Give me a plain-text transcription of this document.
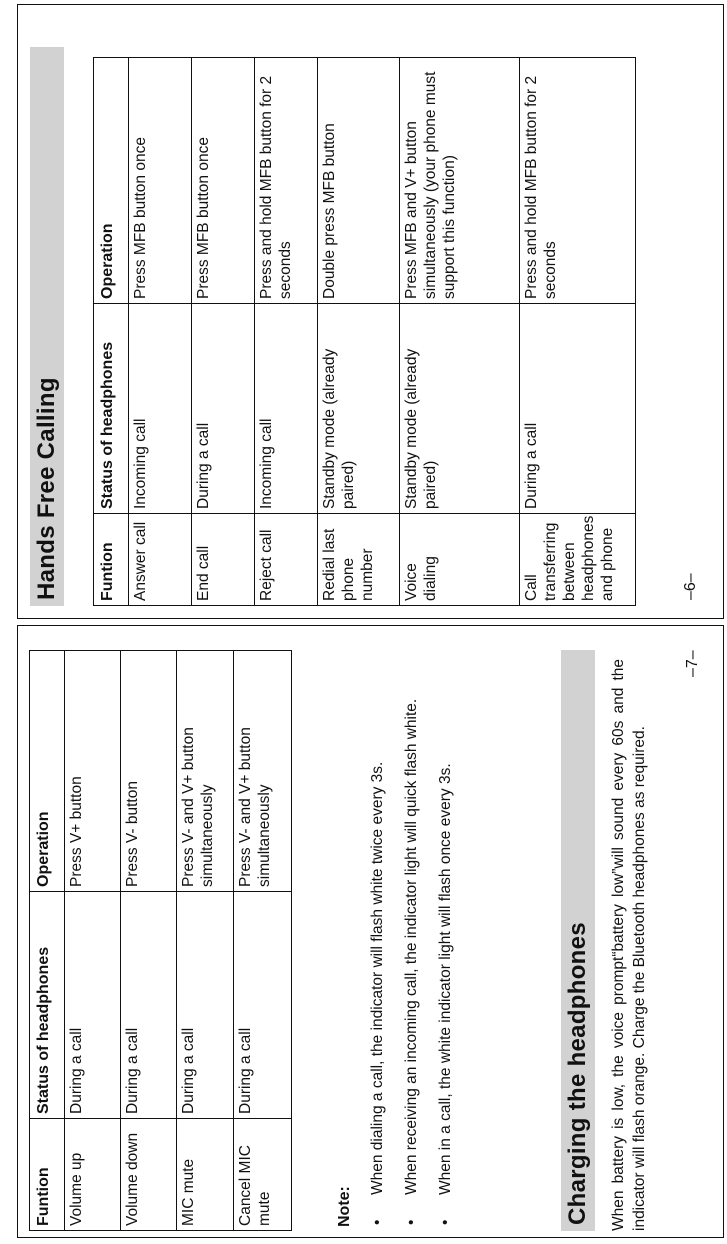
Hands Free Calling Funtion	Status of headphones	Operation
Answer call	Incoming call	Press MFB button once
End call	During a call	Press MFB button once
Reject call	Incoming call	Press and hold MFB button for 2 seconds
Redial last phone number	Standby mode (already paired)	Double press MFB button
Voice dialing	Standby mode (already paired)	Press MFB and V+ button simultaneously (your phone must support this function)
Call transferring between headphones and phone	During a call	Press and hold MFB button for 2 seconds
–6–
Funtion	Status of headphones	Operation
Volume up	During a call	Press V+ button
Volume down	During a call	Press V- button
MIC mute	During a call	Press V- and V+ button simultaneously
Cancel MIC mute	During a call	Press V- and V+ button simultaneously
Note: •
When dialing a call, the indicator will flash white twice every 3s.
•
When receiving an incoming call, the indicator light will quick flash white.
•
When in a call, the white indicator light will flash once every 3s.	Charging the headphones When battery is low, the voice prompt“battery low”will sound every 60s and the indicator will flash orange. Charge the Bluetooth headphones as required.
–7–
